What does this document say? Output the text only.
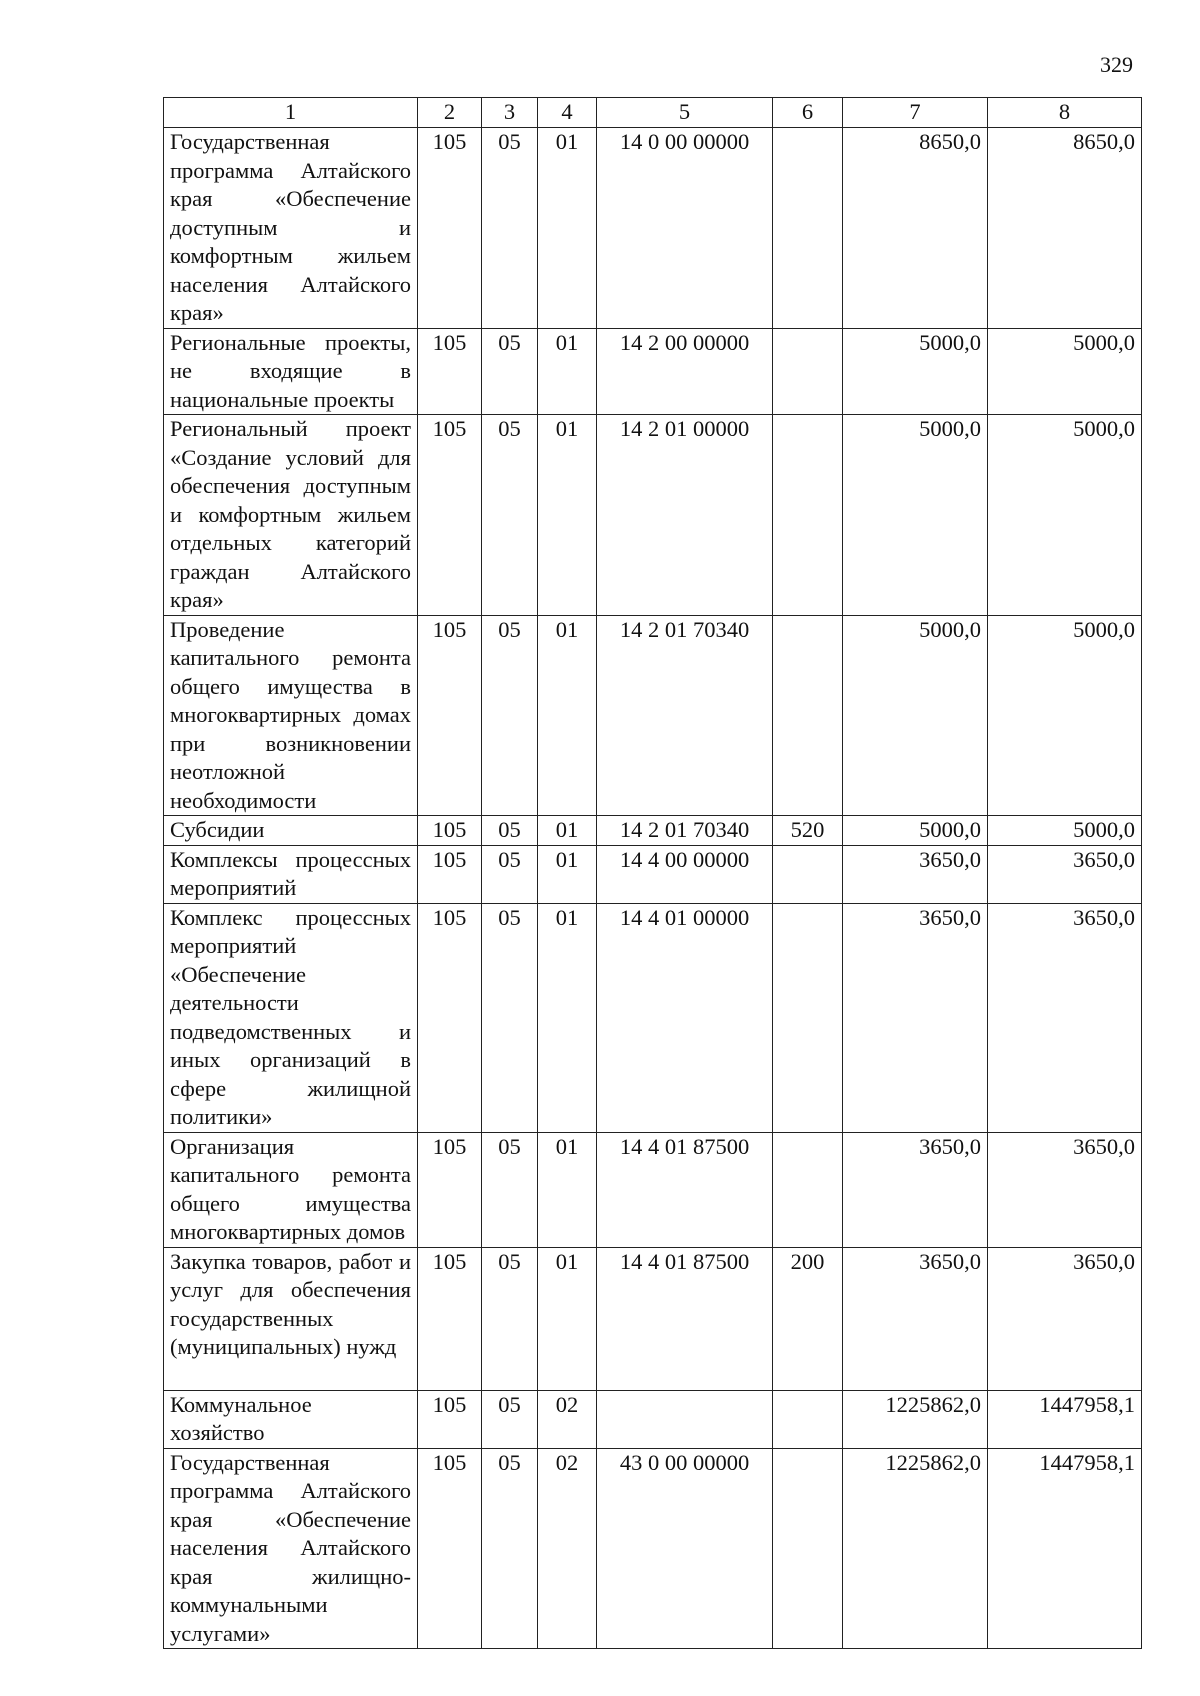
329
1	2	3	4	5	6	7	8
Государственная программа Алтайского края «Обеспечение доступным и комфортным жильем населения Алтайского края»	105	05	01	14 0 00 00000		8650,0	8650,0
Региональные проекты, не входящие в национальные проекты	105	05	01	14 2 00 00000		5000,0	5000,0
Региональный проект «Создание условий для обеспечения доступным и комфортным жильем отдельных категорий граждан Алтайского края»	105	05	01	14 2 01 00000		5000,0	5000,0
Проведение капитального ремонта общего имущества в многоквартирных домах при возникновении неотложной необходимости	105	05	01	14 2 01 70340		5000,0	5000,0
Субсидии	105	05	01	14 2 01 70340	520	5000,0	5000,0
Комплексы процессных мероприятий	105	05	01	14 4 00 00000		3650,0	3650,0
Комплекс процессных мероприятий «Обеспечение деятельности подведомственных и иных организаций в сфере жилищной политики»	105	05	01	14 4 01 00000		3650,0	3650,0
Организация капитального ремонта общего имущества многоквартирных домов	105	05	01	14 4 01 87500		3650,0	3650,0
Закупка товаров, работ и услуг для обеспечения государственных (муниципальных) нужд	105	05	01	14 4 01 87500	200	3650,0	3650,0
Коммунальное хозяйство	105	05	02			1225862,0	1447958,1
Государственная программа Алтайского края «Обеспечение населения Алтайского края жилищно-коммунальными услугами»	105	05	02	43 0 00 00000		1225862,0	1447958,1
